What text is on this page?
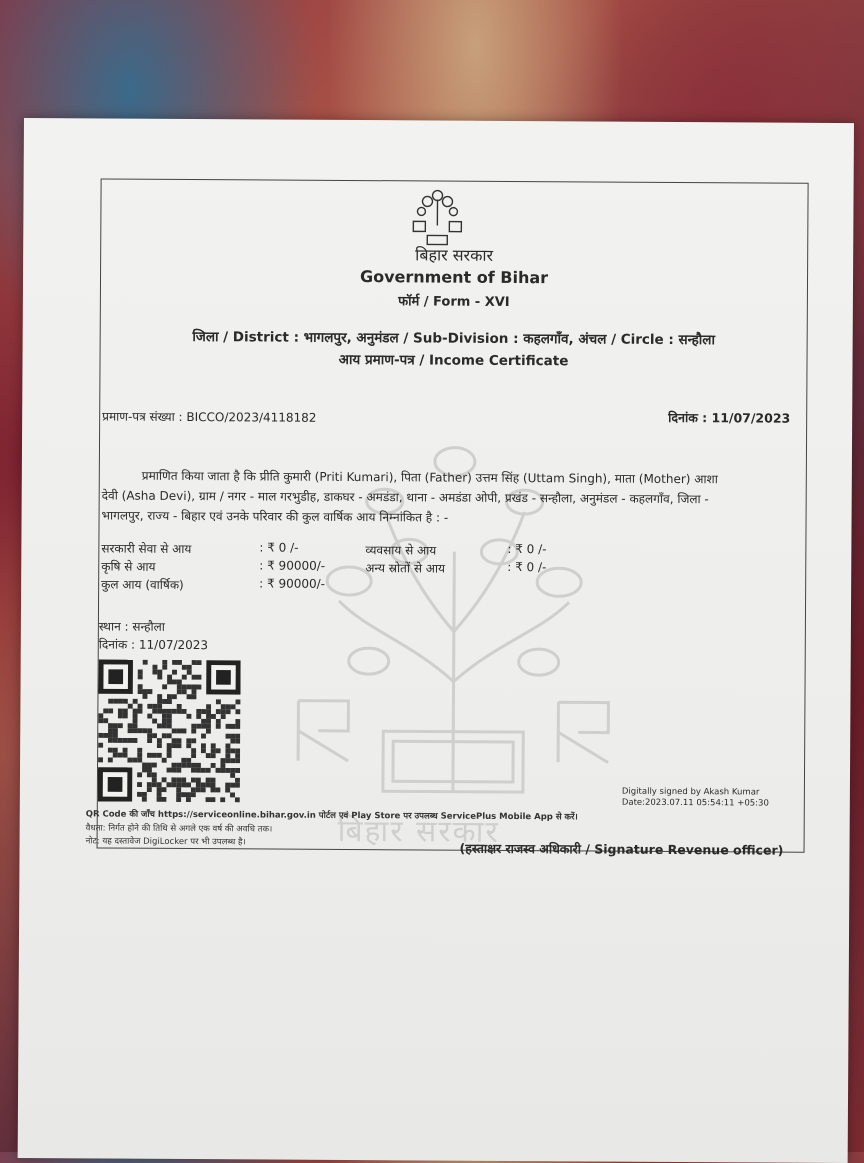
बिहार सरकार
बिहार सरकार
Government of Bihar
फॉर्म / Form - XVI
जिला / District : भागलपुर, अनुमंडल / Sub-Division : कहलगाँव, अंचल / Circle : सन्हौला
आय प्रमाण-पत्र / Income Certificate
प्रमाण-पत्र संख्या : BICCO/2023/4118182	दिनांक : 11/07/2023
प्रमाणित किया जाता है कि प्रीति कुमारी (Priti Kumari), पिता (Father) उत्तम सिंह (Uttam Singh), माता (Mother) आशा
देवी (Asha Devi), ग्राम / नगर - माल गरभुडीह, डाकघर - अमडंडा, थाना - अमडंडा ओपी, प्रखंड - सन्हौला, अनुमंडल - कहलगाँव, जिला -
भागलपुर, राज्य - बिहार एवं उनके परिवार की कुल वार्षिक आय निम्नांकित है : -
सरकारी सेवा से आय	: ₹ 0 /-	व्यवसाय से आय	: ₹ 0 /-
कृषि से आय	: ₹ 90000/-	अन्य स्रोतों से आय	: ₹ 0 /-
कुल आय (वार्षिक)	: ₹ 90000/-
स्थान : सन्हौला
दिनांक : 11/07/2023
Digitally signed by Akash Kumar
Date:2023.07.11 05:54:11 +05:30
(हस्ताक्षर राजस्व अधिकारी / Signature Revenue officer)
QR Code की जाँच https://serviceonline.bihar.gov.in पोर्टल एवं Play Store पर उपलब्ध ServicePlus Mobile App से करें।
वैधता: निर्गत होने की तिथि से अगले एक वर्ष की अवधि तक।
नोट: यह दस्तावेज DigiLocker पर भी उपलब्ध है।
